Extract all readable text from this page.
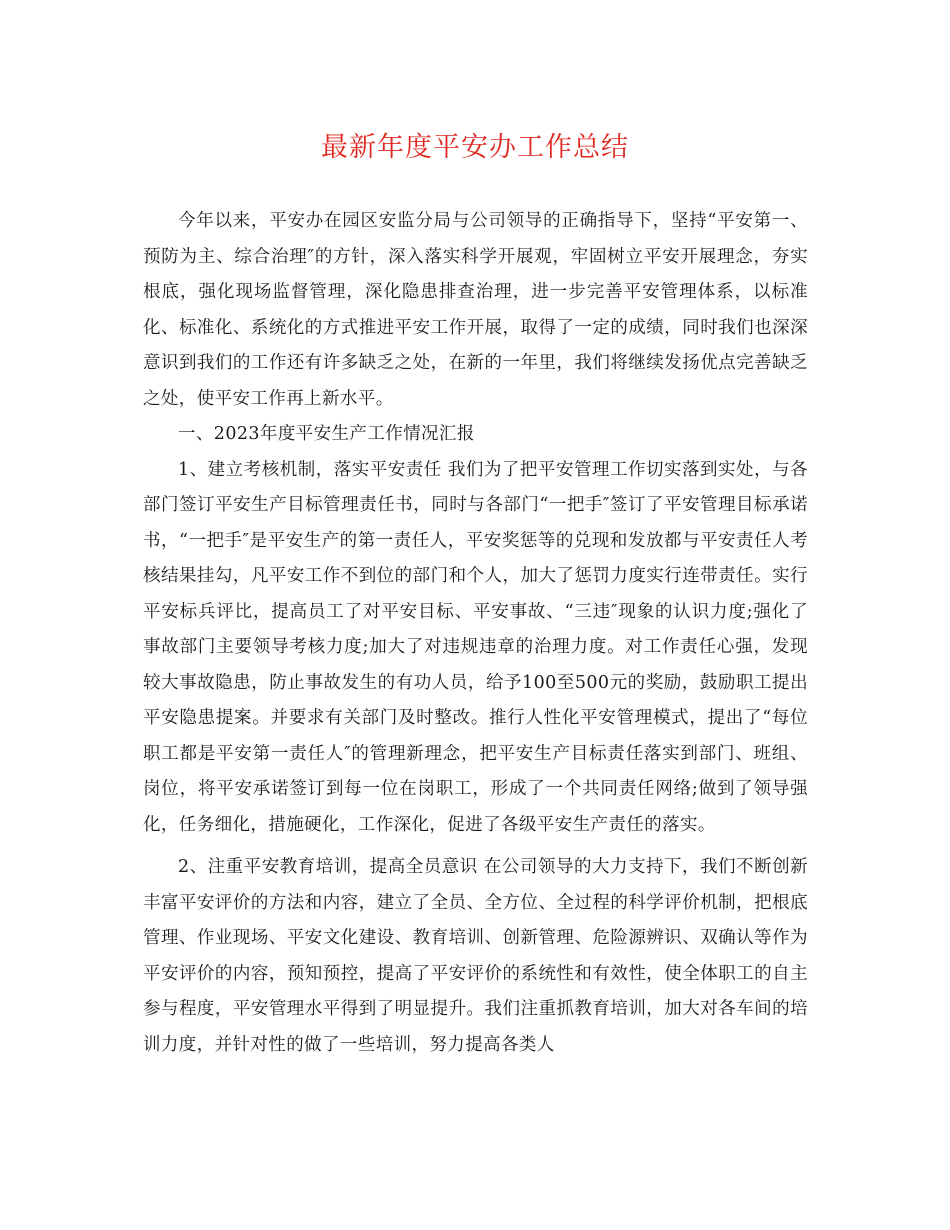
最新年度平安办工作总结

今年以来，平安办在园区安监分局与公司领导的正确指导下，坚持“平安第一、预防为主、综合治理″的方针，深入落实科学开展观，牢固树立平安开展理念，夯实根底，强化现场监督管理，深化隐患排查治理，进一步完善平安管理体系，以标准化、标准化、系统化的方式推进平安工作开展，取得了一定的成绩，同时我们也深深意识到我们的工作还有许多缺乏之处，在新的一年里，我们将继续发扬优点完善缺乏之处，使平安工作再上新水平。

一、2023年度平安生产工作情况汇报

1、建立考核机制，落实平安责任 我们为了把平安管理工作切实落到实处，与各部门签订平安生产目标管理责任书，同时与各部门“一把手″签订了平安管理目标承诺书，“一把手″是平安生产的第一责任人，平安奖惩等的兑现和发放都与平安责任人考核结果挂勾，凡平安工作不到位的部门和个人，加大了惩罚力度实行连带责任。实行平安标兵评比，提高员工了对平安目标、平安事故、“三违″现象的认识力度;强化了事故部门主要领导考核力度;加大了对违规违章的治理力度。对工作责任心强，发现较大事故隐患，防止事故发生的有功人员，给予100至500元的奖励，鼓励职工提出平安隐患提案。并要求有关部门及时整改。推行人性化平安管理模式，提出了“每位职工都是平安第一责任人″的管理新理念，把平安生产目标责任落实到部门、班组、岗位，将平安承诺签订到每一位在岗职工，形成了一个共同责任网络;做到了领导强化，任务细化，措施硬化，工作深化，促进了各级平安生产责任的落实。

2、注重平安教育培训，提高全员意识 在公司领导的大力支持下，我们不断创新丰富平安评价的方法和内容，建立了全员、全方位、全过程的科学评价机制，把根底管理、作业现场、平安文化建设、教育培训、创新管理、危险源辨识、双确认等作为平安评价的内容，预知预控，提高了平安评价的系统性和有效性，使全体职工的自主参与程度，平安管理水平得到了明显提升。我们注重抓教育培训，加大对各车间的培训力度，并针对性的做了一些培训，努力提高各类人
